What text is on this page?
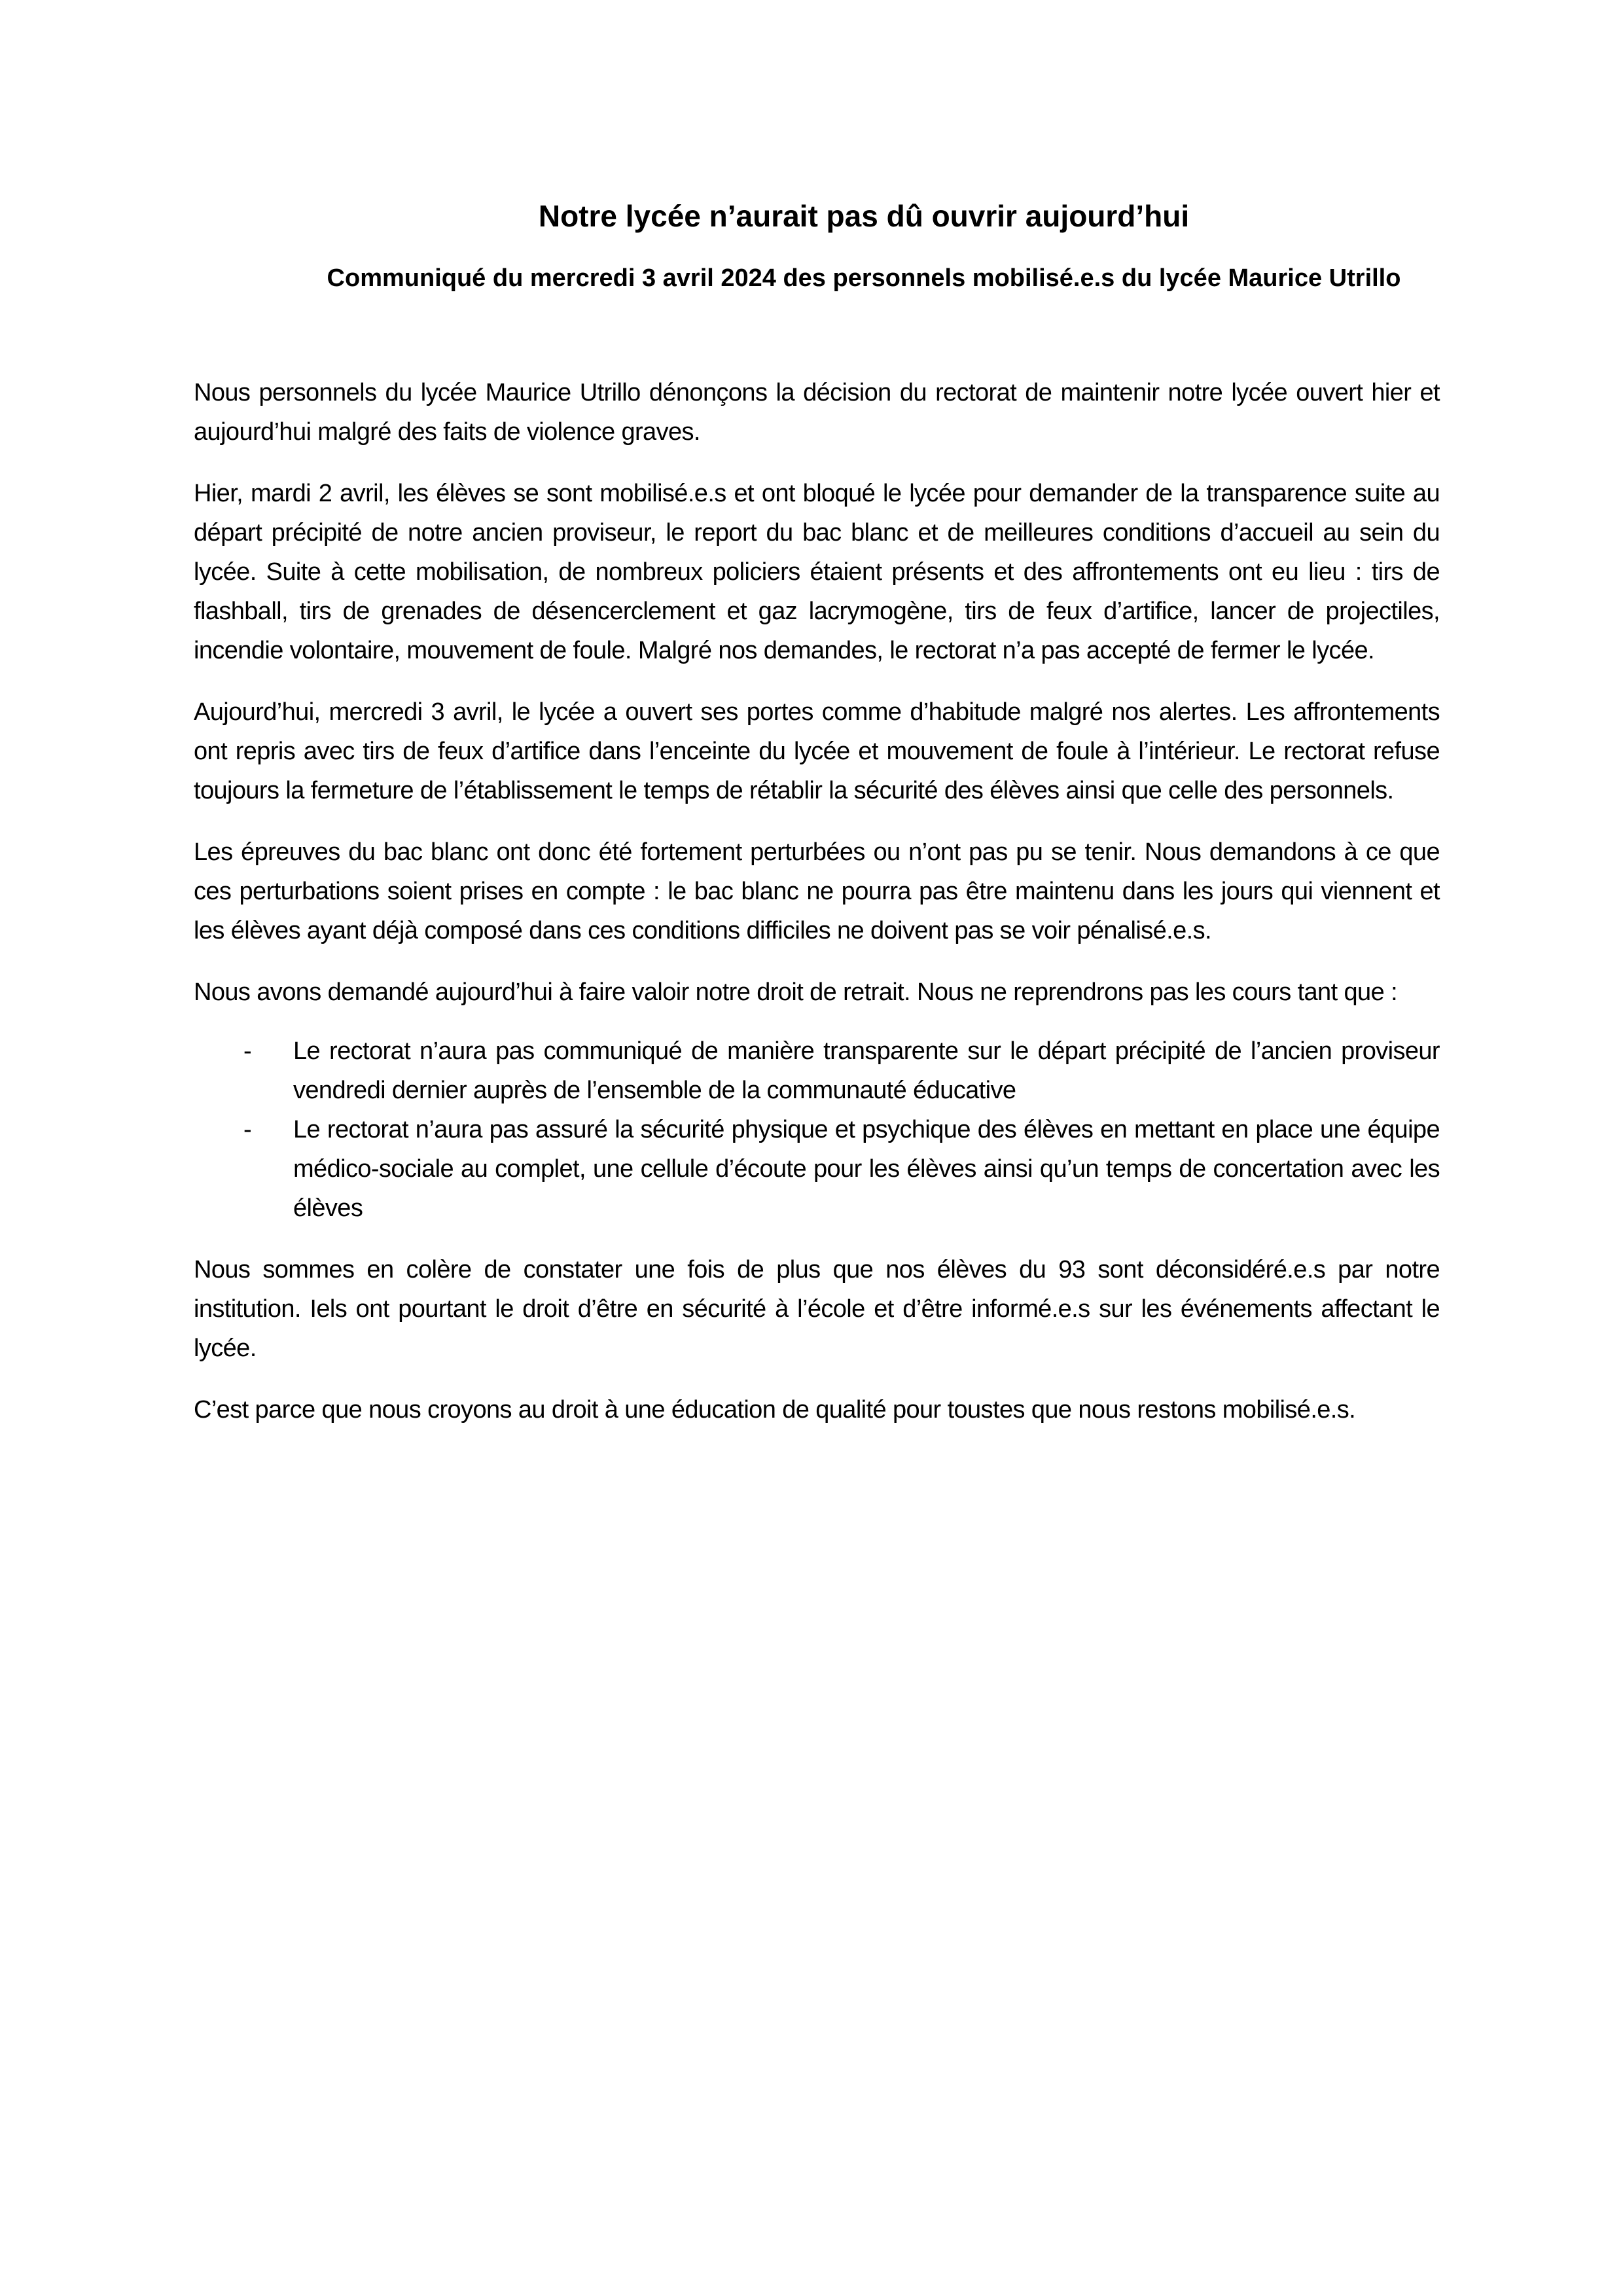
Notre lycée n’aurait pas dû ouvrir aujourd’hui

Communiqué du mercredi 3 avril 2024 des personnels mobilisé.e.s du lycée Maurice Utrillo

Nous personnels du lycée Maurice Utrillo dénonçons la décision du rectorat de maintenir notre lycée ouvert hier et aujourd’hui malgré des faits de violence graves.

Hier, mardi 2 avril, les élèves se sont mobilisé.e.s et ont bloqué le lycée pour demander de la transparence suite au départ précipité de notre ancien proviseur, le report du bac blanc et de meilleures conditions d’accueil au sein du lycée. Suite à cette mobilisation, de nombreux policiers étaient présents et des affrontements ont eu lieu : tirs de flashball, tirs de grenades de désencerclement et gaz lacrymogène, tirs de feux d’artifice, lancer de projectiles, incendie volontaire, mouvement de foule. Malgré nos demandes, le rectorat n’a pas accepté de fermer le lycée.

Aujourd’hui, mercredi 3 avril, le lycée a ouvert ses portes comme d’habitude malgré nos alertes. Les affrontements ont repris avec tirs de feux d’artifice dans l’enceinte du lycée et mouvement de foule à l’intérieur. Le rectorat refuse toujours la fermeture de l’établissement le temps de rétablir la sécurité des élèves ainsi que celle des personnels.

Les épreuves du bac blanc ont donc été fortement perturbées ou n’ont pas pu se tenir. Nous demandons à ce que ces perturbations soient prises en compte : le bac blanc ne pourra pas être maintenu dans les jours qui viennent et les élèves ayant déjà composé dans ces conditions difficiles ne doivent pas se voir pénalisé.e.s.

Nous avons demandé aujourd’hui à faire valoir notre droit de retrait. Nous ne reprendrons pas les cours tant que :

- Le rectorat n’aura pas communiqué de manière transparente sur le départ précipité de l’ancien proviseur vendredi dernier auprès de l’ensemble de la communauté éducative
- Le rectorat n’aura pas assuré la sécurité physique et psychique des élèves en mettant en place une équipe médico-sociale au complet, une cellule d’écoute pour les élèves ainsi qu’un temps de concertation avec les élèves

Nous sommes en colère de constater une fois de plus que nos élèves du 93 sont déconsidéré.e.s par notre institution. Iels ont pourtant le droit d’être en sécurité à l’école et d’être informé.e.s sur les événements affectant le lycée.

C’est parce que nous croyons au droit à une éducation de qualité pour toustes que nous restons mobilisé.e.s.
